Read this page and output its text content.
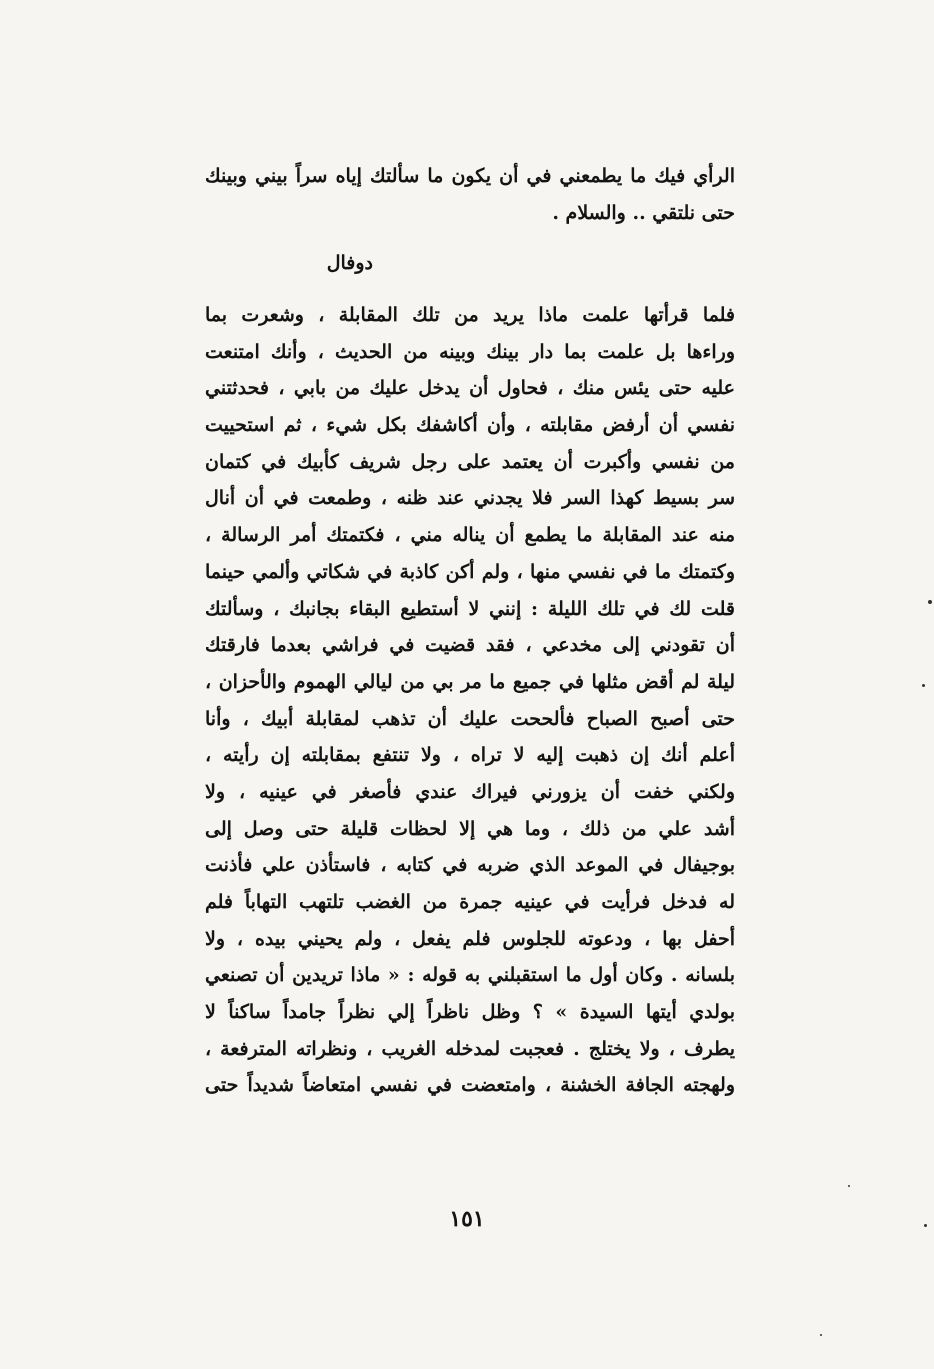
الرأي فيك ما يطمعني في أن يكون ما سألتك إياه سراً بيني وبينك
حتى نلتقي .. والسلام .
دوفال
فلما قرأتها علمت ماذا يريد من تلك المقابلة ، وشعرت بما
وراءها بل علمت بما دار بينك وبينه من الحديث ، وأنك امتنعت
عليه حتى يئس منك ، فحاول أن يدخل عليك من بابي ، فحدثتني
نفسي أن أرفض مقابلته ، وأن أكاشفك بكل شيء ، ثم استحييت
من نفسي وأكبرت أن يعتمد على رجل شريف كأبيك في كتمان
سر بسيط كهذا السر فلا يجدني عند ظنه ، وطمعت في أن أنال
منه عند المقابلة ما يطمع أن يناله مني ، فكتمتك أمر الرسالة ،
وكتمتك ما في نفسي منها ، ولم أكن كاذبة في شكاتي وألمي حينما
قلت لك في تلك الليلة : إنني لا أستطيع البقاء بجانبك ، وسألتك
أن تقودني إلى مخدعي ، فقد قضيت في فراشي بعدما فارقتك
ليلة لم أقض مثلها في جميع ما مر بي من ليالي الهموم والأحزان ،
حتى أصبح الصباح فألححت عليك أن تذهب لمقابلة أبيك ، وأنا
أعلم أنك إن ذهبت إليه لا تراه ، ولا تنتفع بمقابلته إن رأيته ،
ولكني خفت أن يزورني فيراك عندي فأصغر في عينيه ، ولا
أشد علي من ذلك ، وما هي إلا لحظات قليلة حتى وصل إلى
بوجيفال في الموعد الذي ضربه في كتابه ، فاستأذن علي فأذنت
له فدخل فرأيت في عينيه جمرة من الغضب تلتهب التهاباً فلم
أحفل بها ، ودعوته للجلوس فلم يفعل ، ولم يحيني بيده ، ولا
بلسانه . وكان أول ما استقبلني به قوله : « ماذا تريدين أن تصنعي
بولدي أيتها السيدة » ؟ وظل ناظراً إلي نظراً جامداً ساكناً لا
يطرف ، ولا يختلج . فعجبت لمدخله الغريب ، ونظراته المترفعة ،
ولهجته الجافة الخشنة ، وامتعضت في نفسي امتعاضاً شديداً حتى
١٥١
